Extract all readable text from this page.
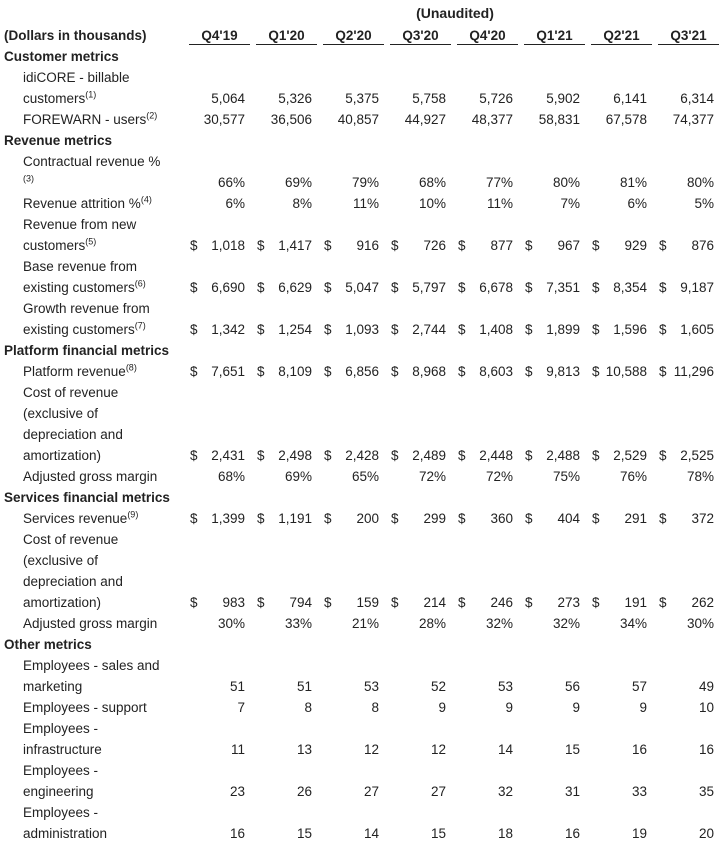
(Unaudited)
(Dollars in thousands)	Q4'19	Q1'20	Q2'20	Q3'20	Q4'20	Q1'21	Q2'21	Q3'21
Customer metrics								

idiCORE - billable
customers$^{(1)}$	5,064	5,326	5,375	5,758	5,726	5,902	6,141	6,314

FOREWARN - users$^{(2)}$	30,577	36,506	40,857	44,927	48,377	58,831	67,578	74,377
Revenue metrics								

Contractual revenue %
$^{(3)}$	66%	69%	79%	68%	77%	80%	81%	80%

Revenue attrition %$^{(4)}$	6%	8%	11%	10%	11%	7%	6%	5%

Revenue from new
customers$^{(5)}$	$ 1,018	$ 1,417	$ 916	$ 726	$ 877	$ 967	$ 929	$ 876

Base revenue from
existing customers$^{(6)}$	$ 6,690	$ 6,629	$ 5,047	$ 5,797	$ 6,678	$ 7,351	$ 8,354	$ 9,187

Growth revenue from
existing customers$^{(7)}$	$ 1,342	$ 1,254	$ 1,093	$ 2,744	$ 1,408	$ 1,899	$ 1,596	$ 1,605
Platform financial metrics								

Platform revenue$^{(8)}$	$ 7,651	$ 8,109	$ 6,856	$ 8,968	$ 8,603	$ 9,813	$ 10,588	$ 11,296

Cost of revenue
(exclusive of
depreciation and
amortization)	$ 2,431	$ 2,498	$ 2,428	$ 2,489	$ 2,448	$ 2,488	$ 2,529	$ 2,525

Adjusted gross margin	68%	69%	65%	72%	72%	75%	76%	78%
Services financial metrics								

Services revenue$^{(9)}$	$ 1,399	$ 1,191	$ 200	$ 299	$ 360	$ 404	$ 291	$ 372

Cost of revenue
(exclusive of
depreciation and
amortization)	$ 983	$ 794	$ 159	$ 214	$ 246	$ 273	$ 191	$ 262

Adjusted gross margin	30%	33%	21%	28%	32%	32%	34%	30%
Other metrics								

Employees - sales and
marketing	51	51	53	52	53	56	57	49

Employees - support	7	8	8	9	9	9	9	10

Employees -
infrastructure	11	13	12	12	14	15	16	16

Employees -
engineering	23	26	27	27	32	31	33	35

Employees -
administration	16	15	14	15	18	16	19	20
